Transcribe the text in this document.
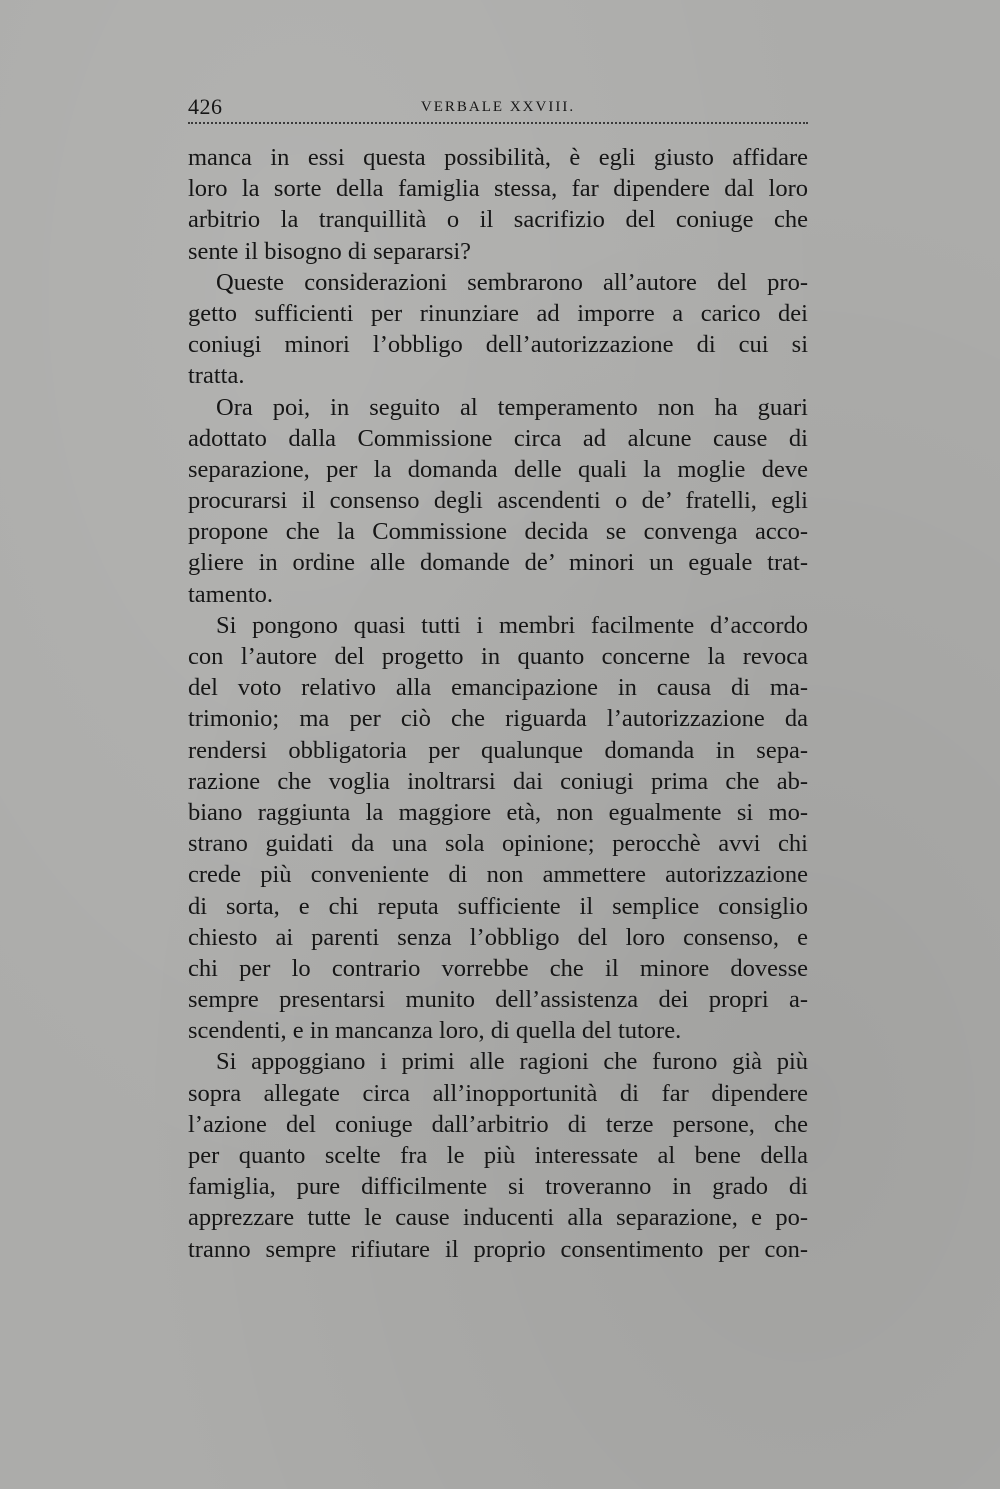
426	VERBALE XXVIII.
manca in essi questa possibilità, è egli giusto affidare
loro la sorte della famiglia stessa, far dipendere dal loro
arbitrio la tranquillità o il sacrifizio del coniuge che
sente il bisogno di separarsi?
Queste considerazioni sembrarono all’autore del pro-
getto sufficienti per rinunziare ad imporre a carico dei
coniugi minori l’obbligo dell’autorizzazione di cui si
tratta.
Ora poi, in seguito al temperamento non ha guari
adottato dalla Commissione circa ad alcune cause di
separazione, per la domanda delle quali la moglie deve
procurarsi il consenso degli ascendenti o de’ fratelli, egli
propone che la Commissione decida se convenga acco-
gliere in ordine alle domande de’ minori un eguale trat-
tamento.
Si pongono quasi tutti i membri facilmente d’accordo
con l’autore del progetto in quanto concerne la revoca
del voto relativo alla emancipazione in causa di ma-
trimonio; ma per ciò che riguarda l’autorizzazione da
rendersi obbligatoria per qualunque domanda in sepa-
razione che voglia inoltrarsi dai coniugi prima che ab-
biano raggiunta la maggiore età, non egualmente si mo-
strano guidati da una sola opinione; perocchè avvi chi
crede più conveniente di non ammettere autorizzazione
di sorta, e chi reputa sufficiente il semplice consiglio
chiesto ai parenti senza l’obbligo del loro consenso, e
chi per lo contrario vorrebbe che il minore dovesse
sempre presentarsi munito dell’assistenza dei propri a-
scendenti, e in mancanza loro, di quella del tutore.
Si appoggiano i primi alle ragioni che furono già più
sopra allegate circa all’inopportunità di far dipendere
l’azione del coniuge dall’arbitrio di terze persone, che
per quanto scelte fra le più interessate al bene della
famiglia, pure difficilmente si troveranno in grado di
apprezzare tutte le cause inducenti alla separazione, e po-
tranno sempre rifiutare il proprio consentimento per con-
